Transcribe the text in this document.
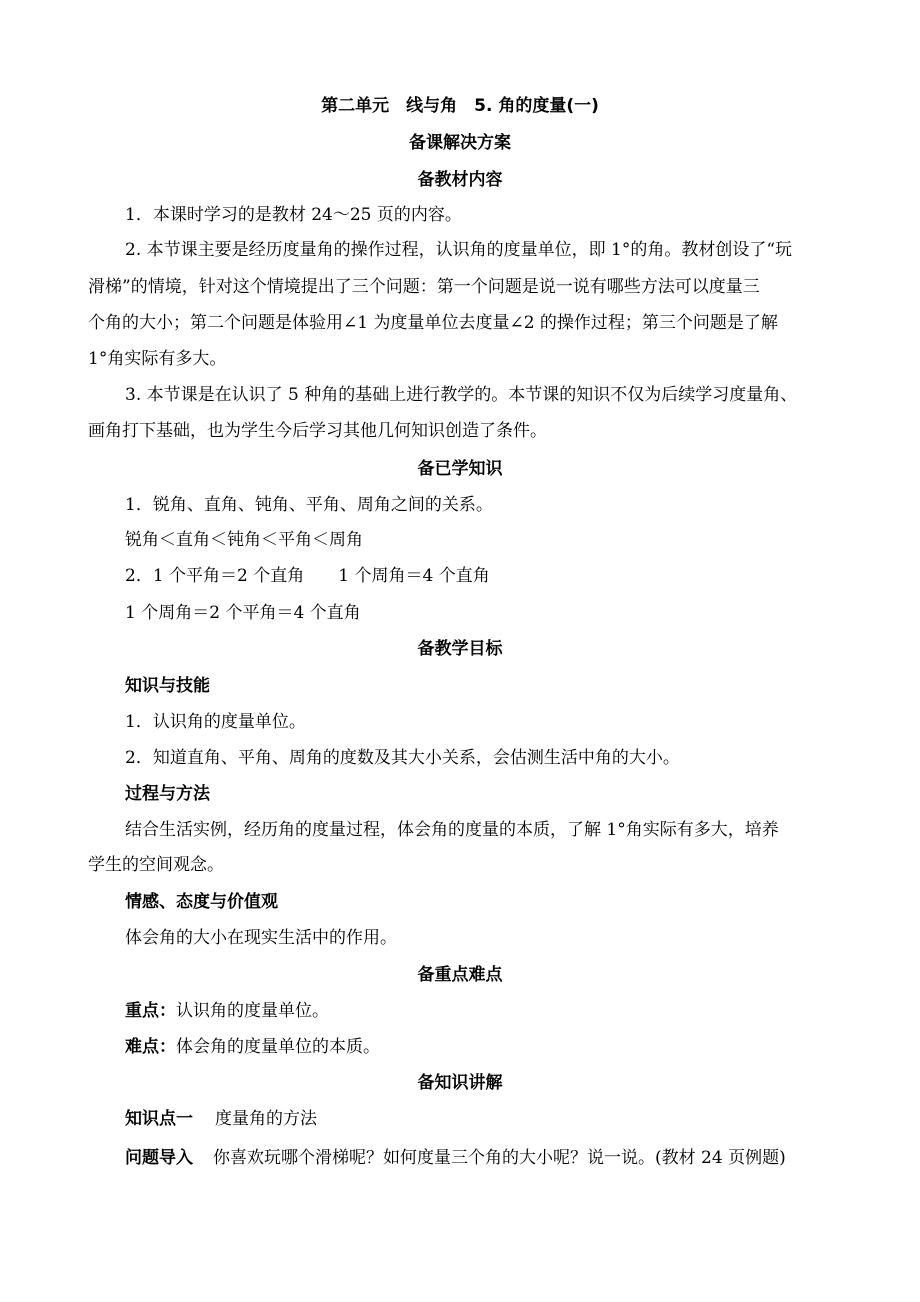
第二单元　线与角　5. 角的度量(一)
备课解决方案
备教材内容
1．本课时学习的是教材 24～25 页的内容。
2. 本节课主要是经历度量角的操作过程，认识角的度量单位，即 1°的角。教材创设了“玩
滑梯”的情境，针对这个情境提出了三个问题：第一个问题是说一说有哪些方法可以度量三
个角的大小；第二个问题是体验用∠1 为度量单位去度量∠2 的操作过程；第三个问题是了解
1°角实际有多大。
3. 本节课是在认识了 5 种角的基础上进行教学的。本节课的知识不仅为后续学习度量角、
画角打下基础，也为学生今后学习其他几何知识创造了条件。
备已学知识
1．锐角、直角、钝角、平角、周角之间的关系。
锐角＜直角＜钝角＜平角＜周角
2．1 个平角＝2 个直角　　1 个周角＝4 个直角
1 个周角＝2 个平角＝4 个直角
备教学目标
知识与技能
1．认识角的度量单位。
2．知道直角、平角、周角的度数及其大小关系，会估测生活中角的大小。
过程与方法
结合生活实例，经历角的度量过程，体会角的度量的本质，了解 1°角实际有多大，培养
学生的空间观念。
情感、态度与价值观
体会角的大小在现实生活中的作用。
备重点难点
重点：认识角的度量单位。
难点：体会角的度量单位的本质。
备知识讲解
知识点一 度量角的方法
问题导入 你喜欢玩哪个滑梯呢？如何度量三个角的大小呢？说一说。(教材 24 页例题)
